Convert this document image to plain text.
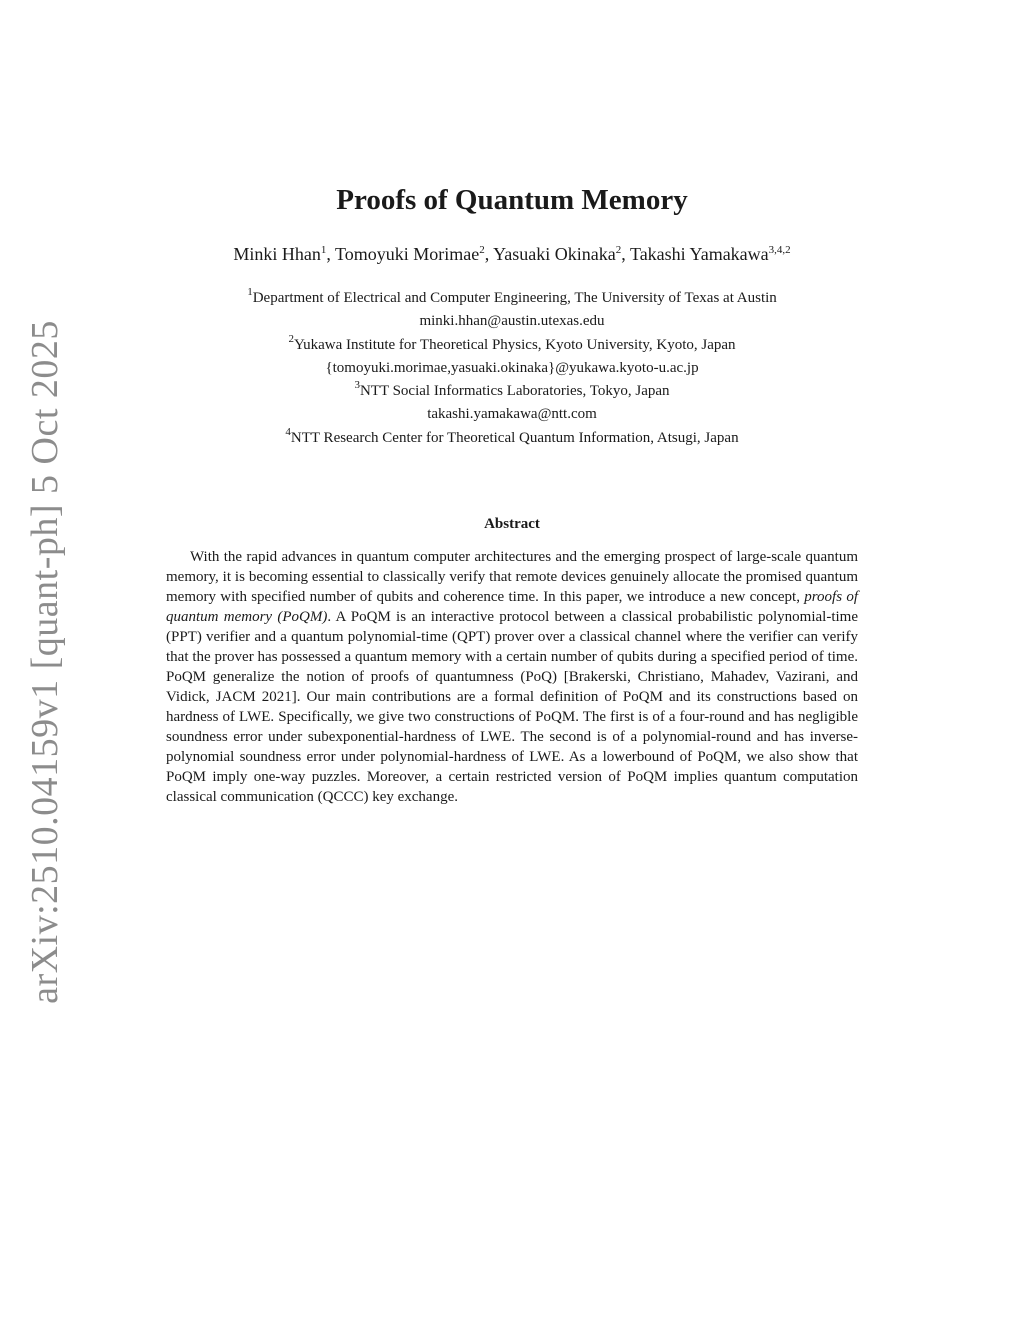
arXiv:2510.04159v1 [quant-ph] 5 Oct 2025
Proofs of Quantum Memory
Minki Hhan$^1$, Tomoyuki Morimae$^2$, Yasuaki Okinaka$^2$, Takashi Yamakawa$^{3,4,2}$
$^1$Department of Electrical and Computer Engineering, The University of Texas at Austin
minki.hhan@austin.utexas.edu
$^2$Yukawa Institute for Theoretical Physics, Kyoto University, Kyoto, Japan
{tomoyuki.morimae,yasuaki.okinaka}@yukawa.kyoto-u.ac.jp
$^3$NTT Social Informatics Laboratories, Tokyo, Japan
takashi.yamakawa@ntt.com
$^4$NTT Research Center for Theoretical Quantum Information, Atsugi, Japan
Abstract

With the rapid advances in quantum computer architectures and the emerging prospect of large-scale quantum memory, it is becoming essential to classically verify that remote devices genuinely allocate the promised quantum memory with specified number of qubits and coherence time. In this paper, we introduce a new concept, proofs of quantum memory (PoQM). A PoQM is an interactive protocol between a classical probabilistic polynomial-time (PPT) verifier and a quantum polynomial-time (QPT) prover over a classical channel where the verifier can verify that the prover has possessed a quantum memory with a certain number of qubits during a specified period of time. PoQM generalize the notion of proofs of quantumness (PoQ) [Brakerski, Christiano, Mahadev, Vazirani, and Vidick, JACM 2021]. Our main contributions are a formal definition of PoQM and its constructions based on hardness of LWE. Specifically, we give two constructions of PoQM. The first is of a four-round and has negligible soundness error under subexponential-hardness of LWE. The second is of a polynomial-round and has inverse-polynomial soundness error under polynomial-hardness of LWE. As a lowerbound of PoQM, we also show that PoQM imply one-way puzzles. Moreover, a certain restricted version of PoQM implies quantum computation classical communication (QCCC) key exchange.
